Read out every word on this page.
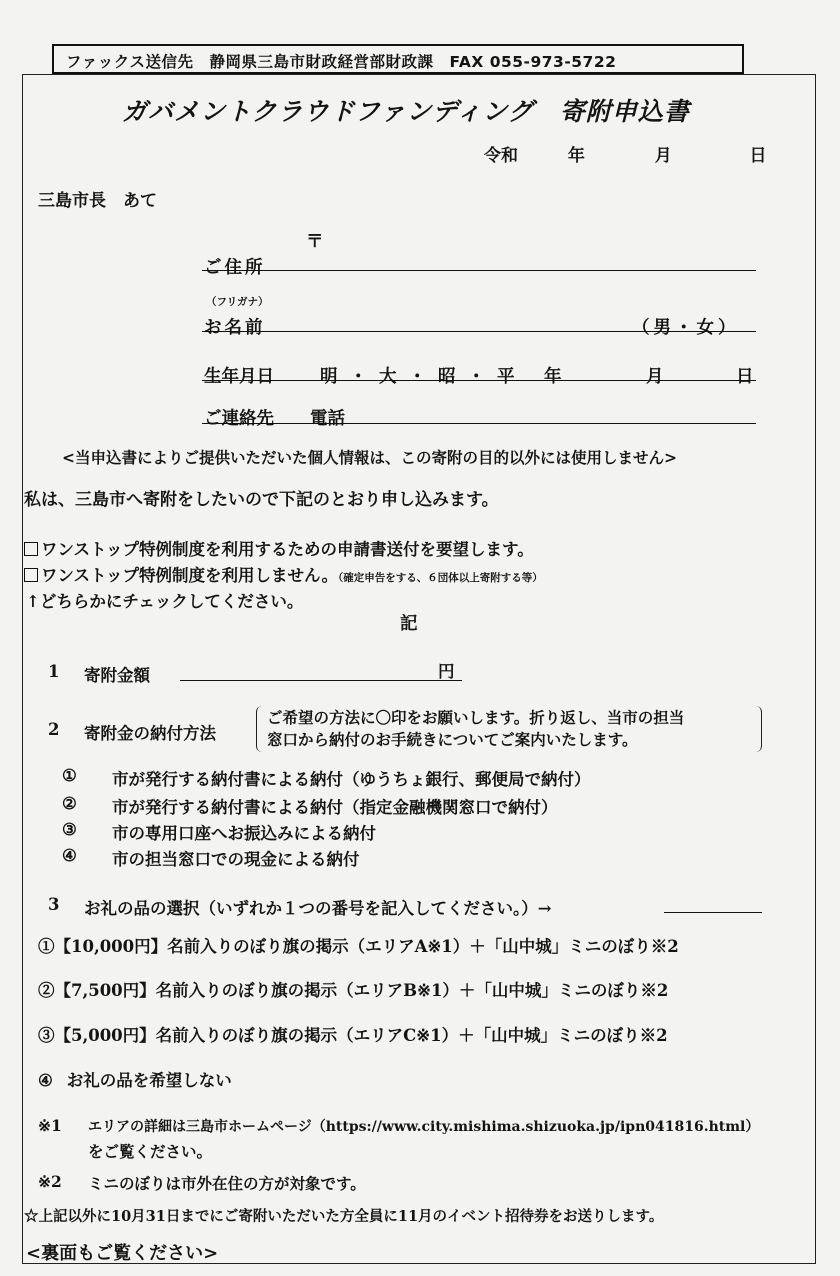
ファックス送信先　静岡県三島市財政経営部財政課　FAX 055-973-5722
ガバメントクラウドファンディング　寄附申込書
令和	年	月	日
三島市長　あて
〒
ご住所
（フリガナ）
お名前	（男・女）
生年月日	明・大・昭・平 年	月	日
ご連絡先 電話
<当申込書によりご提供いただいた個人情報は、この寄附の目的以外には使用しません>
私は、三島市へ寄附をしたいので下記のとおり申し込みます。
ワンストップ特例制度を利用するための申請書送付を要望します。
ワンストップ特例制度を利用しません。（確定申告をする、６団体以上寄附する等）
↑どちらかにチェックしてください。
記
1 寄附金額	円
2 寄附金の納付方法
ご希望の方法に〇印をお願いします。折り返し、当市の担当
窓口から納付のお手続きについてご案内いたします。
① 市が発行する納付書による納付（ゆうちょ銀行、郵便局で納付）
② 市が発行する納付書による納付（指定金融機関窓口で納付）
③ 市の専用口座へお振込みによる納付
④ 市の担当窓口での現金による納付
3 お礼の品の選択（いずれか１つの番号を記入してください。）→
①【10,000円】名前入りのぼり旗の掲示（エリアA※1）＋「山中城」ミニのぼり※2
②【7,500円】名前入りのぼり旗の掲示（エリアB※1）＋「山中城」ミニのぼり※2
③【5,000円】名前入りのぼり旗の掲示（エリアC※1）＋「山中城」ミニのぼり※2
④ お礼の品を希望しない
※1 エリアの詳細は三島市ホームページ（https://www.city.mishima.shizuoka.jp/ipn041816.html）
をご覧ください。
※2 ミニのぼりは市外在住の方が対象です。
☆上記以外に10月31日までにご寄附いただいた方全員に11月のイベント招待券をお送りします。
<裏面もご覧ください>
